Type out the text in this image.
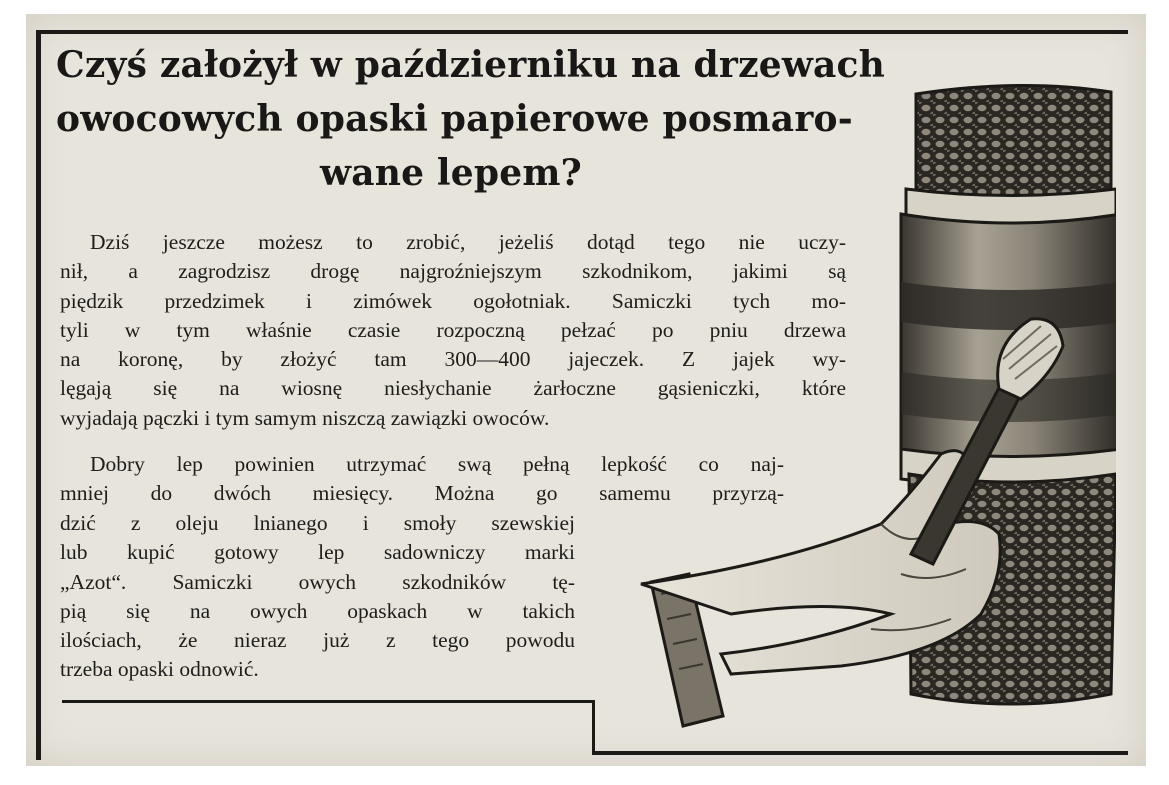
Czyś założył w październiku na drzewach
owocowych opaski papierowe posmaro-
wane lepem?
Dziś jeszcze możesz to zrobić, jeżeliś dotąd tego nie uczy-
nił, a zagrodzisz drogę najgroźniejszym szkodnikom, jakimi są
piędzik przedzimek i zimówek ogołotniak. Samiczki tych mo-
tyli w tym właśnie czasie rozpoczną pełzać po pniu drzewa
na koronę, by złożyć tam 300—400 jajeczek. Z jajek wy-
lęgają się na wiosnę niesłychanie żarłoczne gąsieniczki, które
wyjadają pączki i tym samym niszczą zawiązki owoców.
Dobry lep powinien utrzymać swą pełną lepkość co naj-
mniej do dwóch miesięcy. Można go samemu przyrzą-
dzić z oleju lnianego i smoły szewskiej
lub kupić gotowy lep sadowniczy marki
„Azot“. Samiczki owych szkodników tę-
pią się na owych opaskach w takich
ilościach, że nieraz już z tego powodu
trzeba opaski odnowić.
